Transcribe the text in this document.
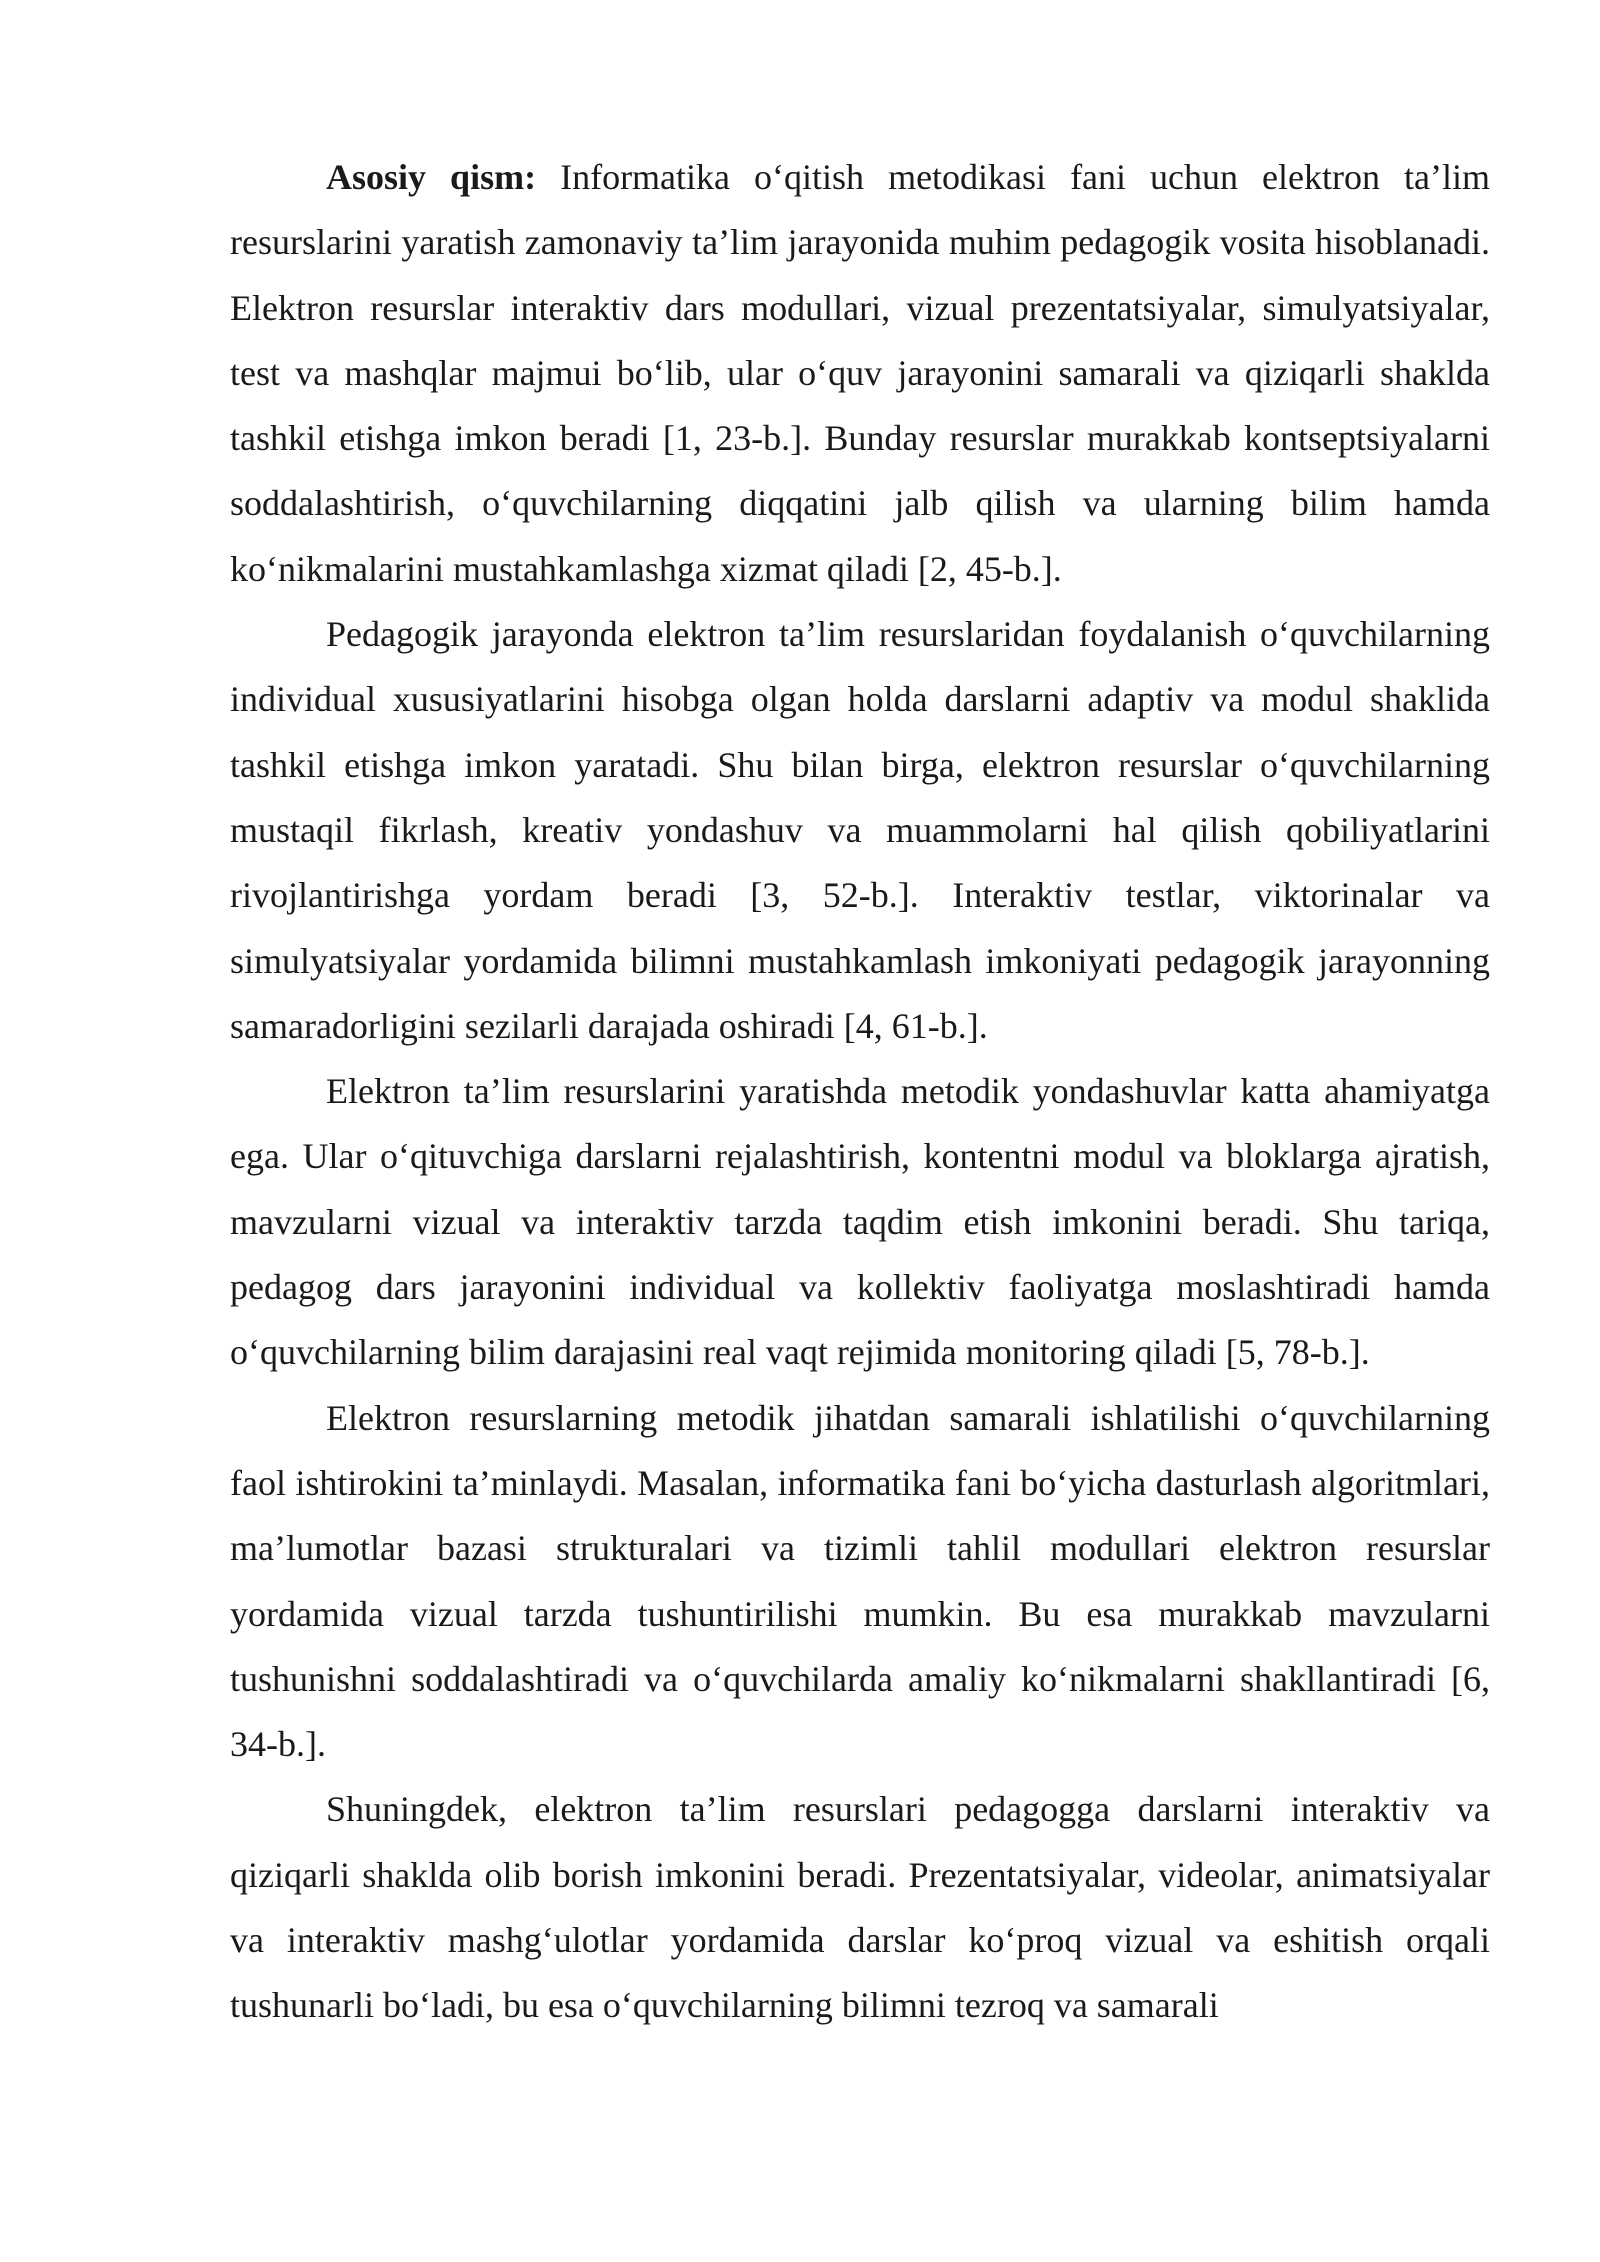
Asosiy qism: Informatika o‘qitish metodikasi fani uchun elektron ta’lim resurslarini yaratish zamonaviy ta’lim jarayonida muhim pedagogik vosita hisoblanadi. Elektron resurslar interaktiv dars modullari, vizual prezentatsiyalar, simulyatsiyalar, test va mashqlar majmui bo‘lib, ular o‘quv jarayonini samarali va qiziqarli shaklda tashkil etishga imkon beradi [1, 23-b.]. Bunday resurslar murakkab kontseptsiyalarni soddalashtirish, o‘quvchilarning diqqatini jalb qilish va ularning bilim hamda ko‘nikmalarini mustahkamlashga xizmat qiladi [2, 45-b.].

Pedagogik jarayonda elektron ta’lim resurslaridan foydalanish o‘quvchilarning individual xususiyatlarini hisobga olgan holda darslarni adaptiv va modul shaklida tashkil etishga imkon yaratadi. Shu bilan birga, elektron resurslar o‘quvchilarning mustaqil fikrlash, kreativ yondashuv va muammolarni hal qilish qobiliyatlarini rivojlantirishga yordam beradi [3, 52-b.]. Interaktiv testlar, viktorinalar va simulyatsiyalar yordamida bilimni mustahkamlash imkoniyati pedagogik jarayonning samaradorligini sezilarli darajada oshiradi [4, 61-b.].

Elektron ta’lim resurslarini yaratishda metodik yondashuvlar katta ahamiyatga ega. Ular o‘qituvchiga darslarni rejalashtirish, kontentni modul va bloklarga ajratish, mavzularni vizual va interaktiv tarzda taqdim etish imkonini beradi. Shu tariqa, pedagog dars jarayonini individual va kollektiv faoliyatga moslashtiradi hamda o‘quvchilarning bilim darajasini real vaqt rejimida monitoring qiladi [5, 78-b.].

Elektron resurslarning metodik jihatdan samarali ishlatilishi o‘quvchilarning faol ishtirokini ta’minlaydi. Masalan, informatika fani bo‘yicha dasturlash algoritmlari, ma’lumotlar bazasi strukturalari va tizimli tahlil modullari elektron resurslar yordamida vizual tarzda tushuntirilishi mumkin. Bu esa murakkab mavzularni tushunishni soddalashtiradi va o‘quvchilarda amaliy ko‘nikmalarni shakllantiradi [6, 34-b.].

Shuningdek, elektron ta’lim resurslari pedagogga darslarni interaktiv va qiziqarli shaklda olib borish imkonini beradi. Prezentatsiyalar, videolar, animatsiyalar va interaktiv mashg‘ulotlar yordamida darslar ko‘proq vizual va eshitish orqali tushunarli bo‘ladi, bu esa o‘quvchilarning bilimni tezroq va samarali
